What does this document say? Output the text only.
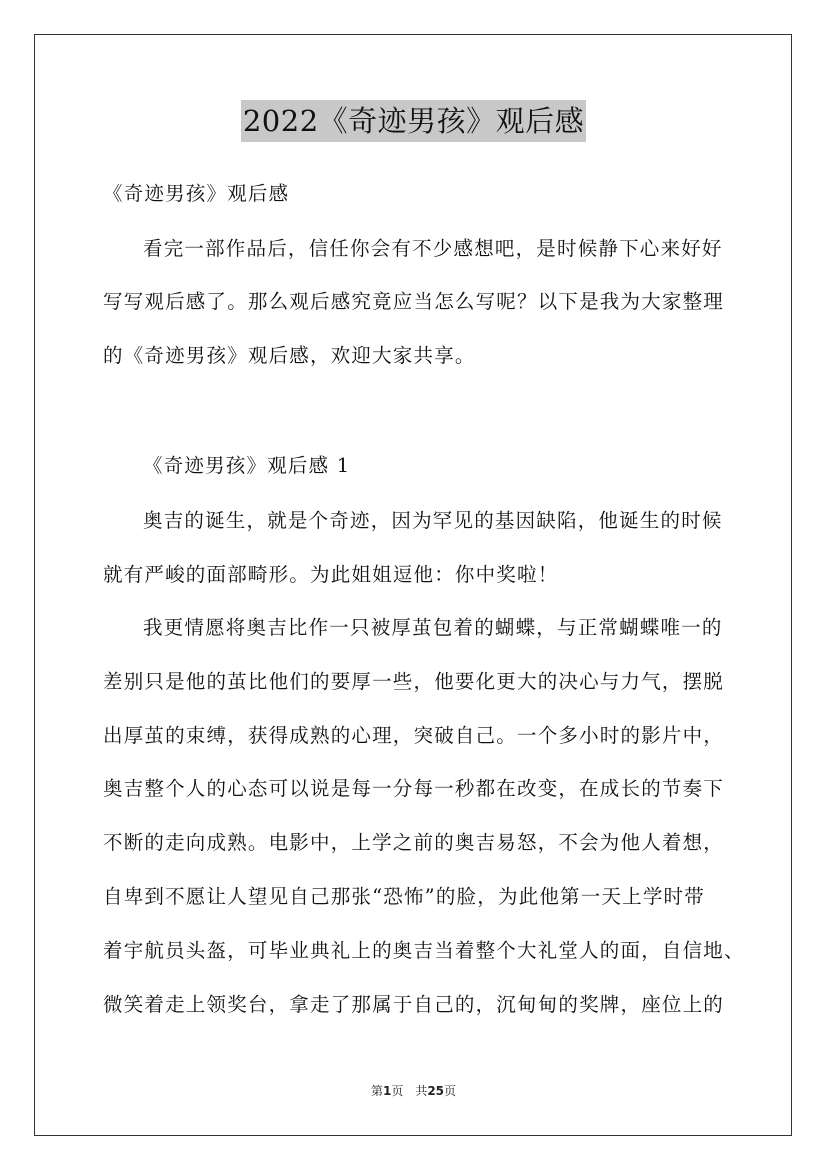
2022《奇迹男孩》观后感
《奇迹男孩》观后感
看完一部作品后，信任你会有不少感想吧，是时候静下心来好好
写写观后感了。那么观后感究竟应当怎么写呢？以下是我为大家整理
的《奇迹男孩》观后感，欢迎大家共享。
《奇迹男孩》观后感 1
奥吉的诞生，就是个奇迹，因为罕见的基因缺陷，他诞生的时候
就有严峻的面部畸形。为此姐姐逗他：你中奖啦！
我更情愿将奥吉比作一只被厚茧包着的蝴蝶，与正常蝴蝶唯一的
差别只是他的茧比他们的要厚一些，他要化更大的决心与力气，摆脱
出厚茧的束缚，获得成熟的心理，突破自己。一个多小时的影片中，
奥吉整个人的心态可以说是每一分每一秒都在改变，在成长的节奏下
不断的走向成熟。电影中，上学之前的奥吉易怒，不会为他人着想，
自卑到不愿让人望见自己那张“恐怖”的脸，为此他第一天上学时带
着宇航员头盔，可毕业典礼上的奥吉当着整个大礼堂人的面，自信地、
微笑着走上领奖台，拿走了那属于自己的，沉甸甸的奖牌，座位上的
第1页　共25页
